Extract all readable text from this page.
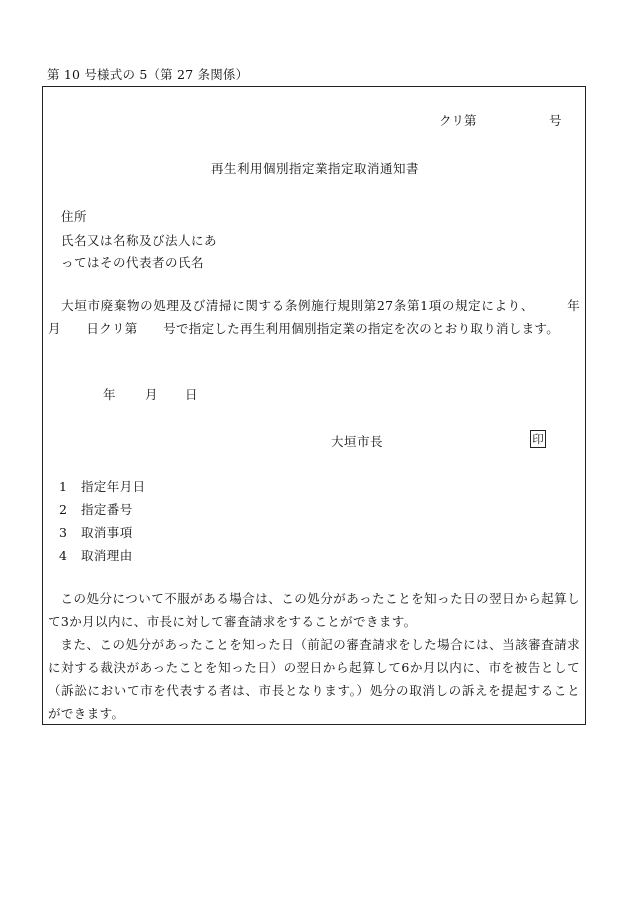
第 10 号様式の 5（第 27 条関係）
クリ第	号
再生利用個別指定業指定取消通知書
住所
氏名又は名称及び法人にあ
ってはその代表者の氏名
　大垣市廃棄物の処理及び清掃に関する条例施行規則第27条第1項の規定により、　　　年　　月　　日クリ第　　号で指定した再生利用個別指定業の指定を次のとおり取り消します。
年 月 日
大垣市長	印
1 指定年月日
2 指定番号
3 取消事項
4 取消理由

この処分について不服がある場合は、この処分があったことを知った日の翌日から起算して3か月以内に、市長に対して審査請求をすることができます。

また、この処分があったことを知った日（前記の審査請求をした場合には、当該審査請求に対する裁決があったことを知った日）の翌日から起算して6か月以内に、市を被告として（訴訟において市を代表する者は、市長となります。）処分の取消しの訴えを提起することができます。
